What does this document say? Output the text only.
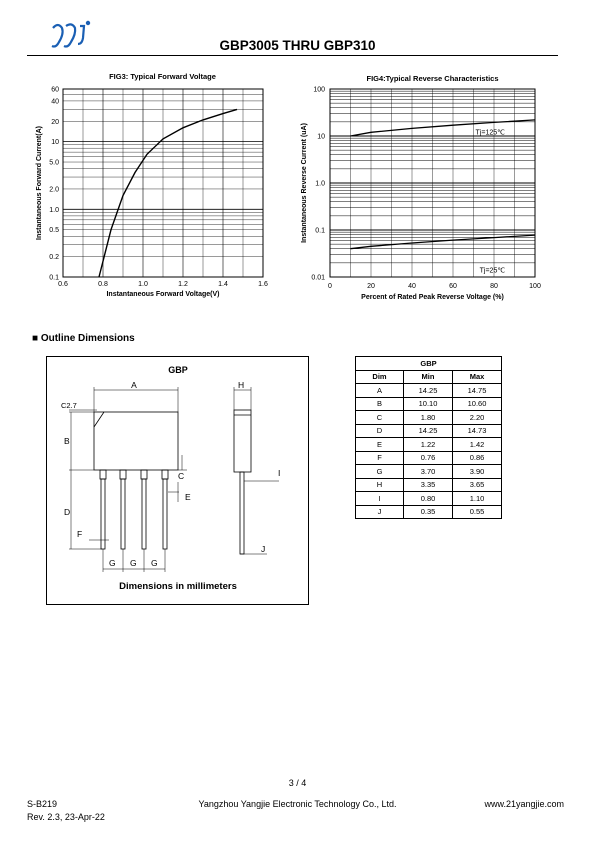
GBP3005 THRU GBP310
FIG3: Typical Forward Voltage
0.6	0.8	1.0	1.2	1.4	1.6
60
40
20
10
5.0
2.0
1.0
0.5
0.2
0.1
Instantaneous Forward Voltage(V)
Instantaneous Forward Current(A)
FIG4:Typical Reverse Characteristics
0	20	40	60	80	100
100
10
1.0
0.1
0.01
Percent of Rated Peak Reverse Voltage (%)
Instantaneous Reverse Current (uA)	Tj=125℃
Tj=25℃
■ Outline Dimensions
GBP
A
C2.7
B
D
F
G G G
C
E
H
I
J
Dimensions in millimeters
GBP		
Dim	Min	Max
A	14.25	14.75
B	10.10	10.60
C	1.80	2.20
D	14.25	14.73
E	1.22	1.42
F	0.76	0.86
G	3.70	3.90
H	3.35	3.65
I	0.80	1.10
J	0.35	0.55
3 / 4
S-B219
Rev. 2.3, 23-Apr-22
Yangzhou Yangjie Electronic Technology Co., Ltd.	www.21yangjie.com
